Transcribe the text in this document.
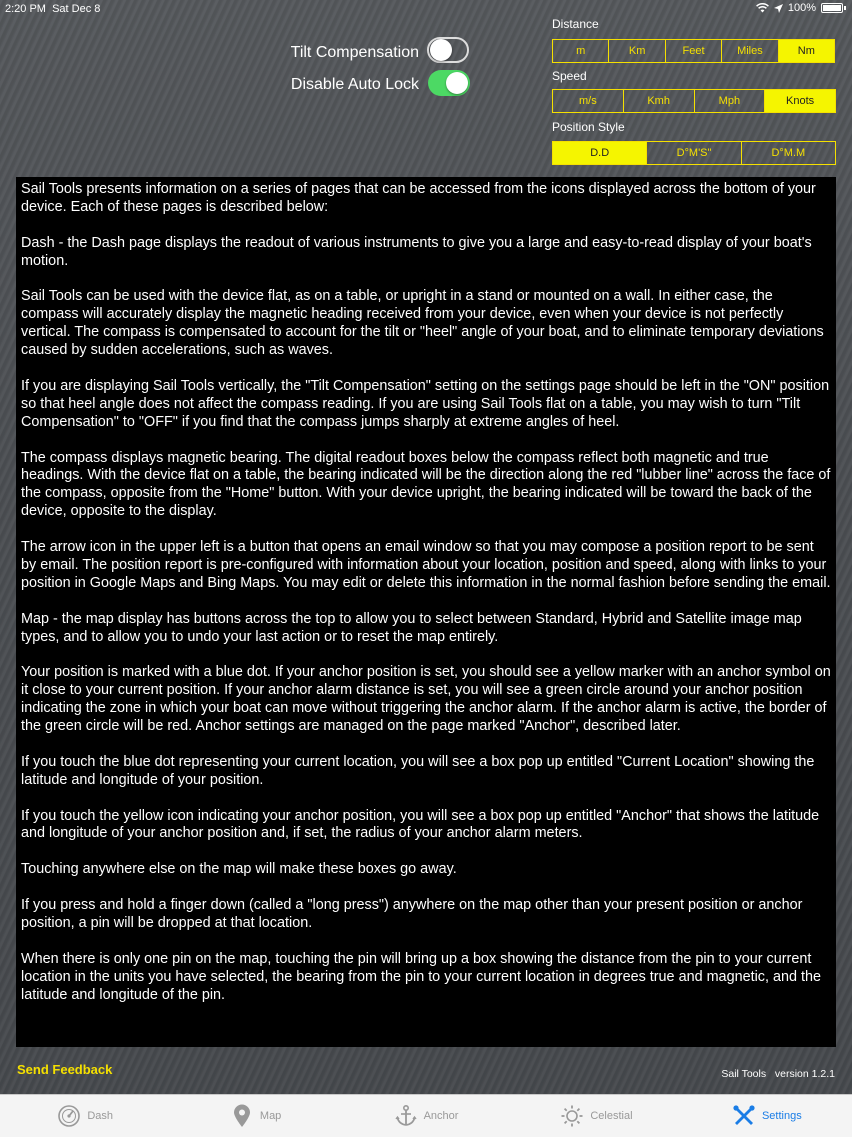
2:20 PM Sat Dec 8	100%
Tilt Compensation
Disable Auto Lock
Distance
m	Km	Feet	Miles	Nm
Speed
m/s	Kmh	Mph	Knots
Position Style
D.D	D°M'S"	D°M.M

Sail Tools presents information on a series of pages that can be accessed from the icons displayed across the bottom of your device. Each of these pages is described below:

Dash - the Dash page displays the readout of various instruments to give you a large and easy-to-read display of your boat's motion.

Sail Tools can be used with the device flat, as on a table, or upright in a stand or mounted on a wall. In either case, the compass will accurately display the magnetic heading received from your device, even when your device is not perfectly vertical. The compass is compensated to account for the tilt or "heel" angle of your boat, and to eliminate temporary deviations caused by sudden accelerations, such as waves.

If you are displaying Sail Tools vertically, the "Tilt Compensation" setting on the settings page should be left in the "ON" position so that heel angle does not affect the compass reading. If you are using Sail Tools flat on a table, you may wish to turn "Tilt Compensation" to "OFF" if you find that the compass jumps sharply at extreme angles of heel.

The compass displays magnetic bearing. The digital readout boxes below the compass reflect both magnetic and true headings. With the device flat on a table, the bearing indicated will be the direction along the red "lubber line" across the face of the compass, opposite from the "Home" button. With your device upright, the bearing indicated will be toward the back of the device, opposite to the display.

The arrow icon in the upper left is a button that opens an email window so that you may compose a position report to be sent by email. The position report is pre-configured with information about your location, position and speed, along with links to your position in Google Maps and Bing Maps. You may edit or delete this information in the normal fashion before sending the email.

Map - the map display has buttons across the top to allow you to select between Standard, Hybrid and Satellite image map types, and to allow you to undo your last action or to reset the map entirely.

Your position is marked with a blue dot. If your anchor position is set, you should see a yellow marker with an anchor symbol on it close to your current position. If your anchor alarm distance is set, you will see a green circle around your anchor position indicating the zone in which your boat can move without triggering the anchor alarm. If the anchor alarm is active, the border of the green circle will be red. Anchor settings are managed on the page marked "Anchor", described later.

If you touch the blue dot representing your current location, you will see a box pop up entitled "Current Location" showing the latitude and longitude of your position.

If you touch the yellow icon indicating your anchor position, you will see a box pop up entitled "Anchor" that shows the latitude and longitude of your anchor position and, if set, the radius of your anchor alarm meters.

Touching anywhere else on the map will make these boxes go away.

If you press and hold a finger down (called a "long press") anywhere on the map other than your present position or anchor position, a pin will be dropped at that location.

When there is only one pin on the map, touching the pin will bring up a box showing the distance from the pin to your current location in the units you have selected, the bearing from the pin to your current location in degrees true and magnetic, and the latitude and longitude of the pin.

Send Feedback	Sail Tools version 1.2.1
Dash	Map	Anchor	Celestial	Settings
